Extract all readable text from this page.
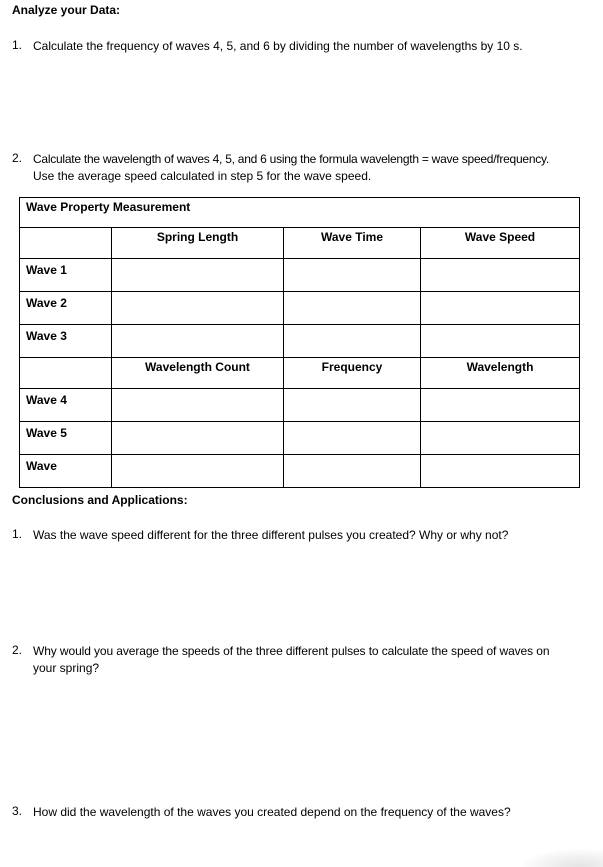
Analyze your Data:
1. Calculate the frequency of waves 4, 5, and 6 by dividing the number of wavelengths by 10 s.
2. Calculate the wavelength of waves 4, 5, and 6 using the formula wavelength = wave speed/frequency.
Use the average speed calculated in step 5 for the wave speed.
Wave Property Measurement			
	Spring Length	Wave Time	Wave Speed
Wave 1			
Wave 2			
Wave 3			
	Wavelength Count	Frequency	Wavelength
Wave 4			
Wave 5			
Wave			
Conclusions and Applications:
1. Was the wave speed different for the three different pulses you created? Why or why not?
2. Why would you average the speeds of the three different pulses to calculate the speed of waves on
your spring?
3. How did the wavelength of the waves you created depend on the frequency of the waves?
